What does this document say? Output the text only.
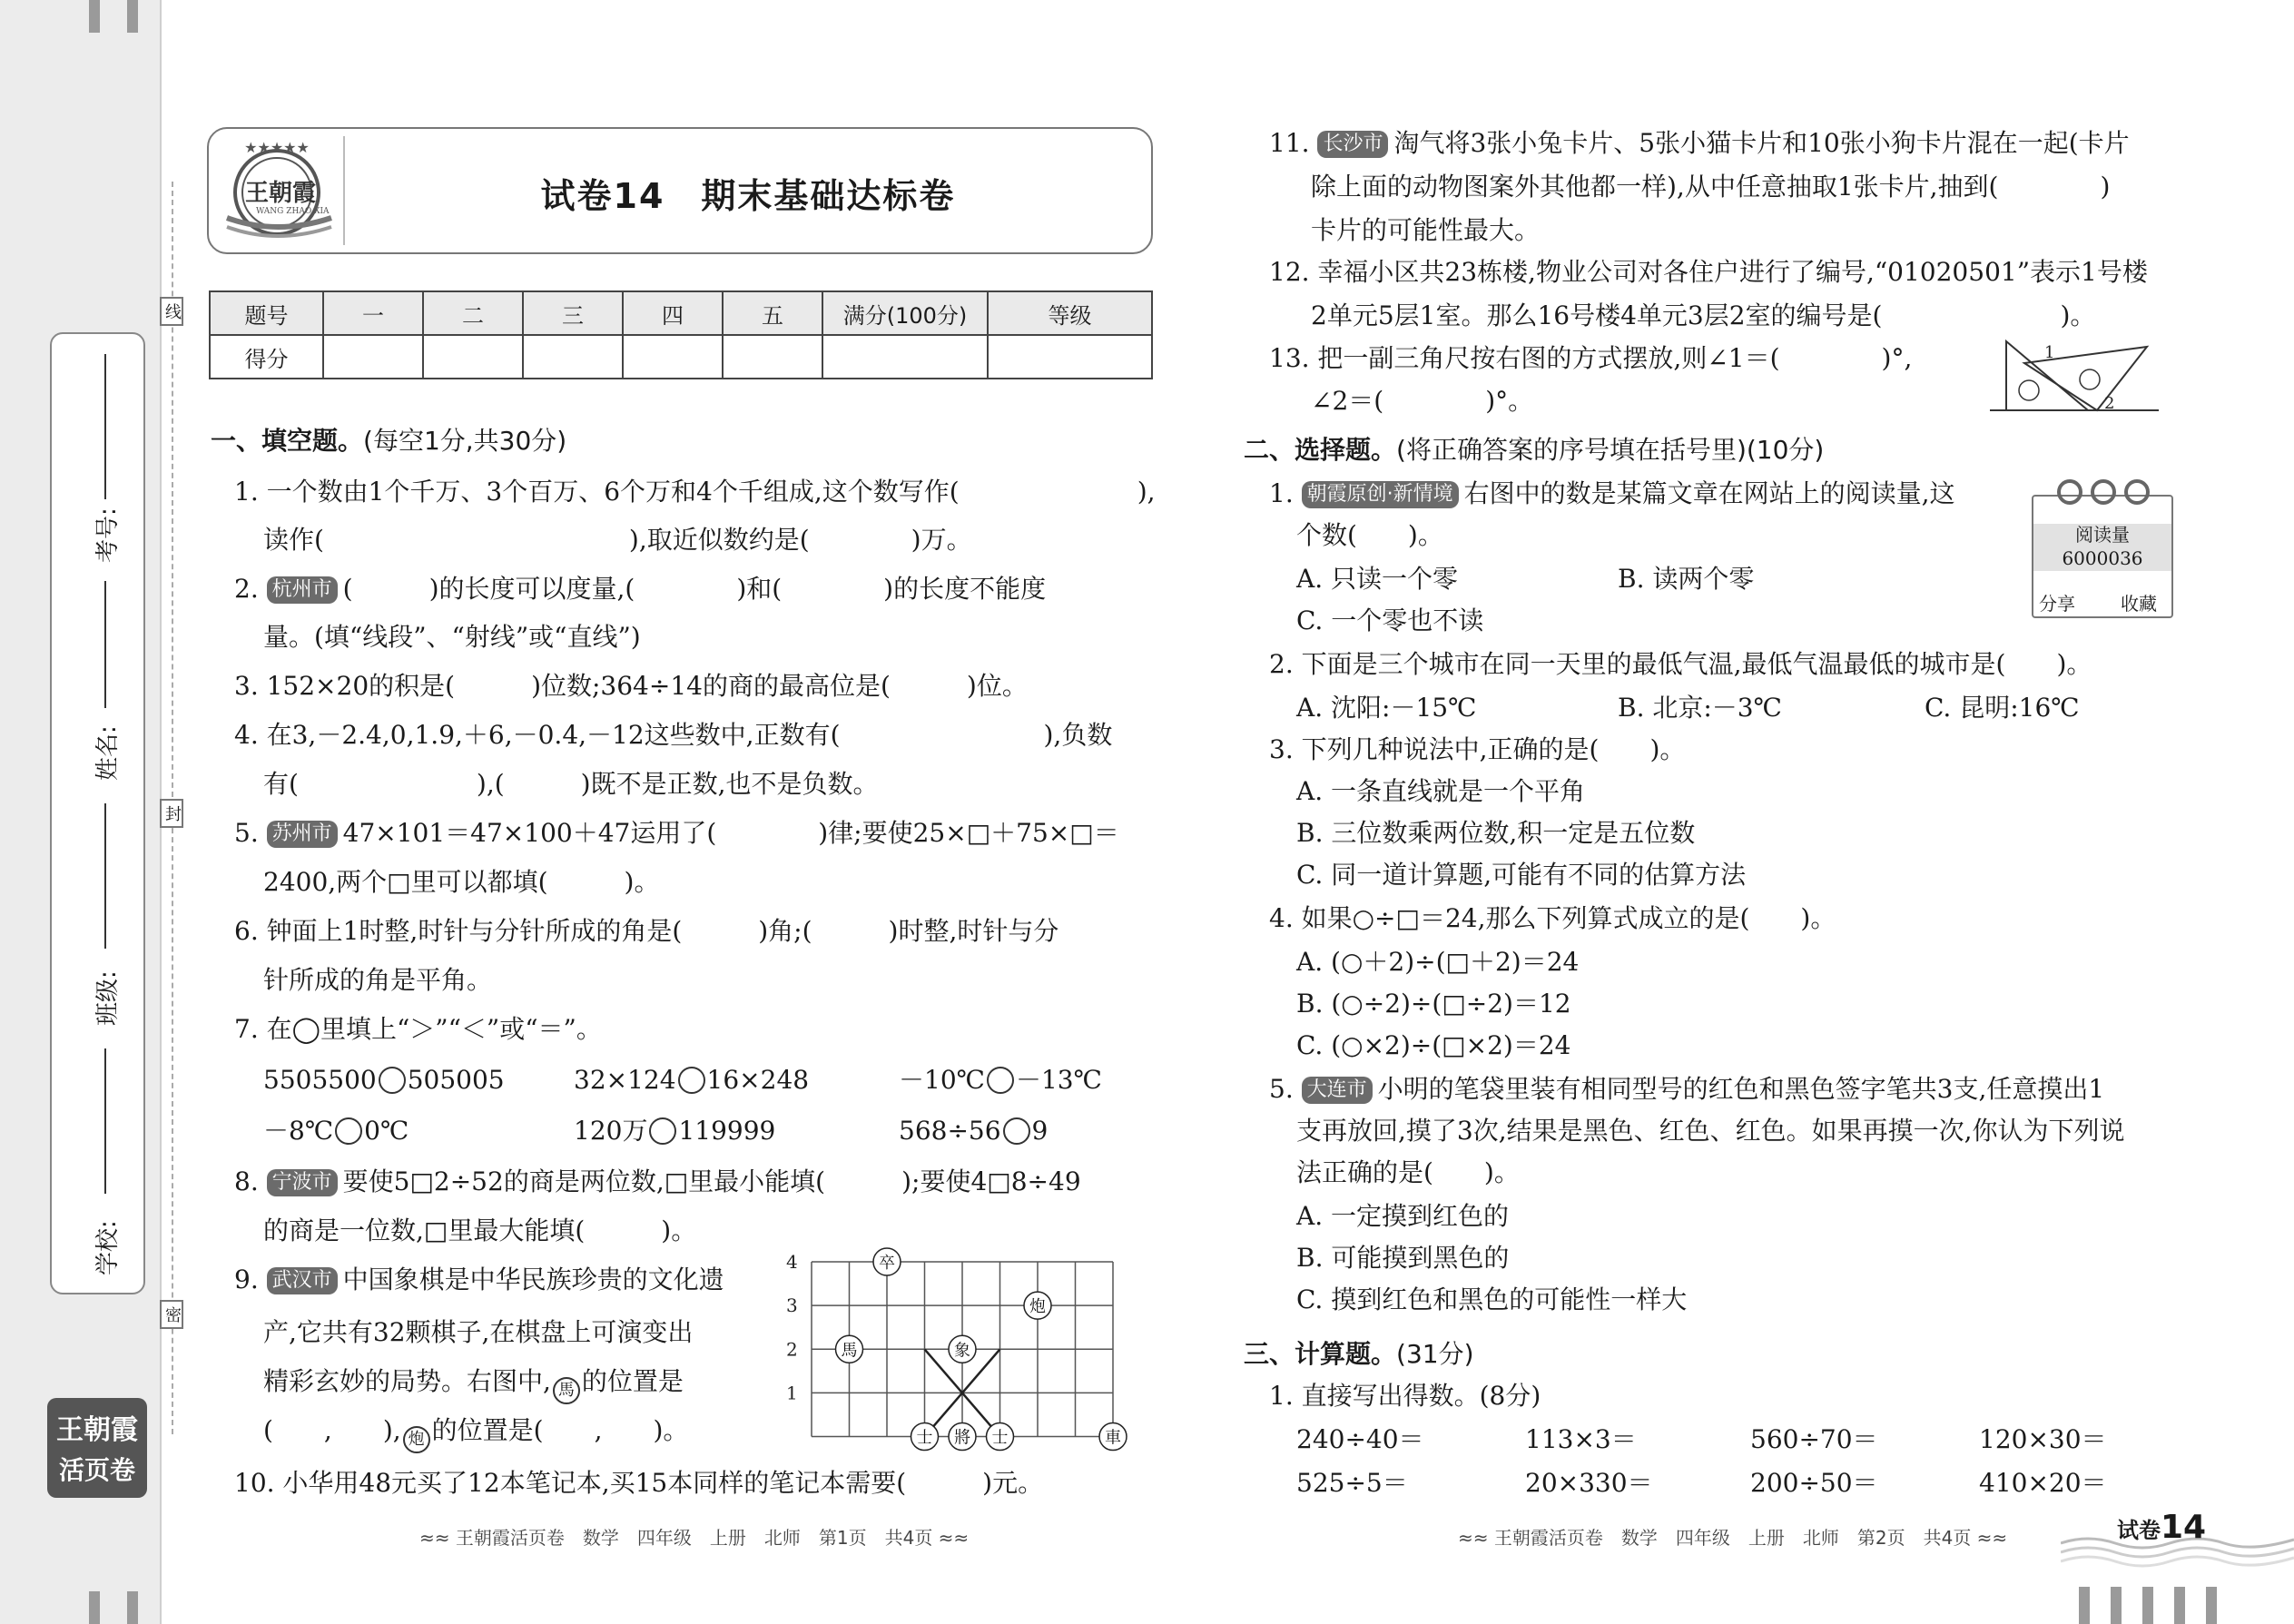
考号:
姓名:
班级:
学校:
线
封
密
王朝霞
活页卷
★★★★★
王朝霞
WANG ZHAO XIA	试卷14　期末基础达标卷
题号	一	二	三	四	五	满分(100分)	等级
得分							
一、填空题。(每空1分,共30分)
1. 一个数由1个千万、3个百万、6个万和4个千组成,这个数写作(　　　　　　　),
读作(　　　　　　　　　　　　),取近似数约是(　　　　)万。
2. 杭州市 (　　　)的长度可以度量,(　　　　)和(　　　　)的长度不能度
量。(填“线段”、“射线”或“直线”)
3. 152×20的积是(　　　)位数;364÷14的商的最高位是(　　　)位。
4. 在3,－2.4,0,1.9,＋6,－0.4,－12这些数中,正数有(　　　　　　　　),负数
有(　　　　　　　),(　　　)既不是正数,也不是负数。
5. 苏州市 47×101＝47×100＋47运用了(　　　　)律;要使25×□＋75×□＝
2400,两个□里可以都填(　　　)。
6. 钟面上1时整,时针与分针所成的角是(　　　)角;(　　　)时整,时针与分
针所成的角是平角。
7. 在◯里填上“＞”“＜”或“＝”。
5505500 505005	32×124 16×248	－10℃ －13℃
－8℃ 0℃	120万 119999	568÷56 9
8. 宁波市 要使5□2÷52的商是两位数,□里最小能填(　　　);要使4□8÷49
的商是一位数,□里最大能填(　　　)。
9. 武汉市 中国象棋是中华民族珍贵的文化遗
产,它共有32颗棋子,在棋盘上可演变出
精彩玄妙的局势。右图中, 馬 的位置是
(　　,　　), 炮 的位置是(　　,　　)。
1
2
3
4	卒
馬	象
炮
士 將 士	車
10. 小华用48元买了12本笔记本,买15本同样的笔记本需要(　　　)元。
≈≈ 王朝霞活页卷　数学　四年级　上册　北师　第1页　共4页 ≈≈
11. 长沙市 淘气将3张小兔卡片、5张小猫卡片和10张小狗卡片混在一起(卡片
除上面的动物图案外其他都一样),从中任意抽取1张卡片,抽到(　　　　)
卡片的可能性最大。
12. 幸福小区共23栋楼,物业公司对各住户进行了编号,“01020501”表示1号楼
2单元5层1室。那么16号楼4单元3层2室的编号是(　　　　　　　)。
13. 把一副三角尺按右图的方式摆放,则∠1＝(　　　　)°,
∠2＝(　　　　)°。
1
2
二、选择题。(将正确答案的序号填在括号里)(10分)
1. 朝霞原创·新情境 右图中的数是某篇文章在网站上的阅读量,这
个数(　　)。
A. 只读一个零	B. 读两个零
C. 一个零也不读
阅读量
6000036
分享	收藏
2. 下面是三个城市在同一天里的最低气温,最低气温最低的城市是(　　)。
A. 沈阳:－15℃	B. 北京:－3℃	C. 昆明:16℃
3. 下列几种说法中,正确的是(　　)。
A. 一条直线就是一个平角
B. 三位数乘两位数,积一定是五位数
C. 同一道计算题,可能有不同的估算方法
4. 如果○÷□＝24,那么下列算式成立的是(　　)。
A. (○＋2)÷(□＋2)＝24
B. (○÷2)÷(□÷2)＝12
C. (○×2)÷(□×2)＝24
5. 大连市 小明的笔袋里装有相同型号的红色和黑色签字笔共3支,任意摸出1
支再放回,摸了3次,结果是黑色、红色、红色。如果再摸一次,你认为下列说
法正确的是(　　)。
A. 一定摸到红色的
B. 可能摸到黑色的
C. 摸到红色和黑色的可能性一样大
三、计算题。(31分)
1. 直接写出得数。(8分)
240÷40＝	113×3＝	560÷70＝	120×30＝
525÷5＝	20×330＝	200÷50＝	410×20＝
≈≈ 王朝霞活页卷　数学　四年级　上册　北师　第2页　共4页 ≈≈	试卷14
